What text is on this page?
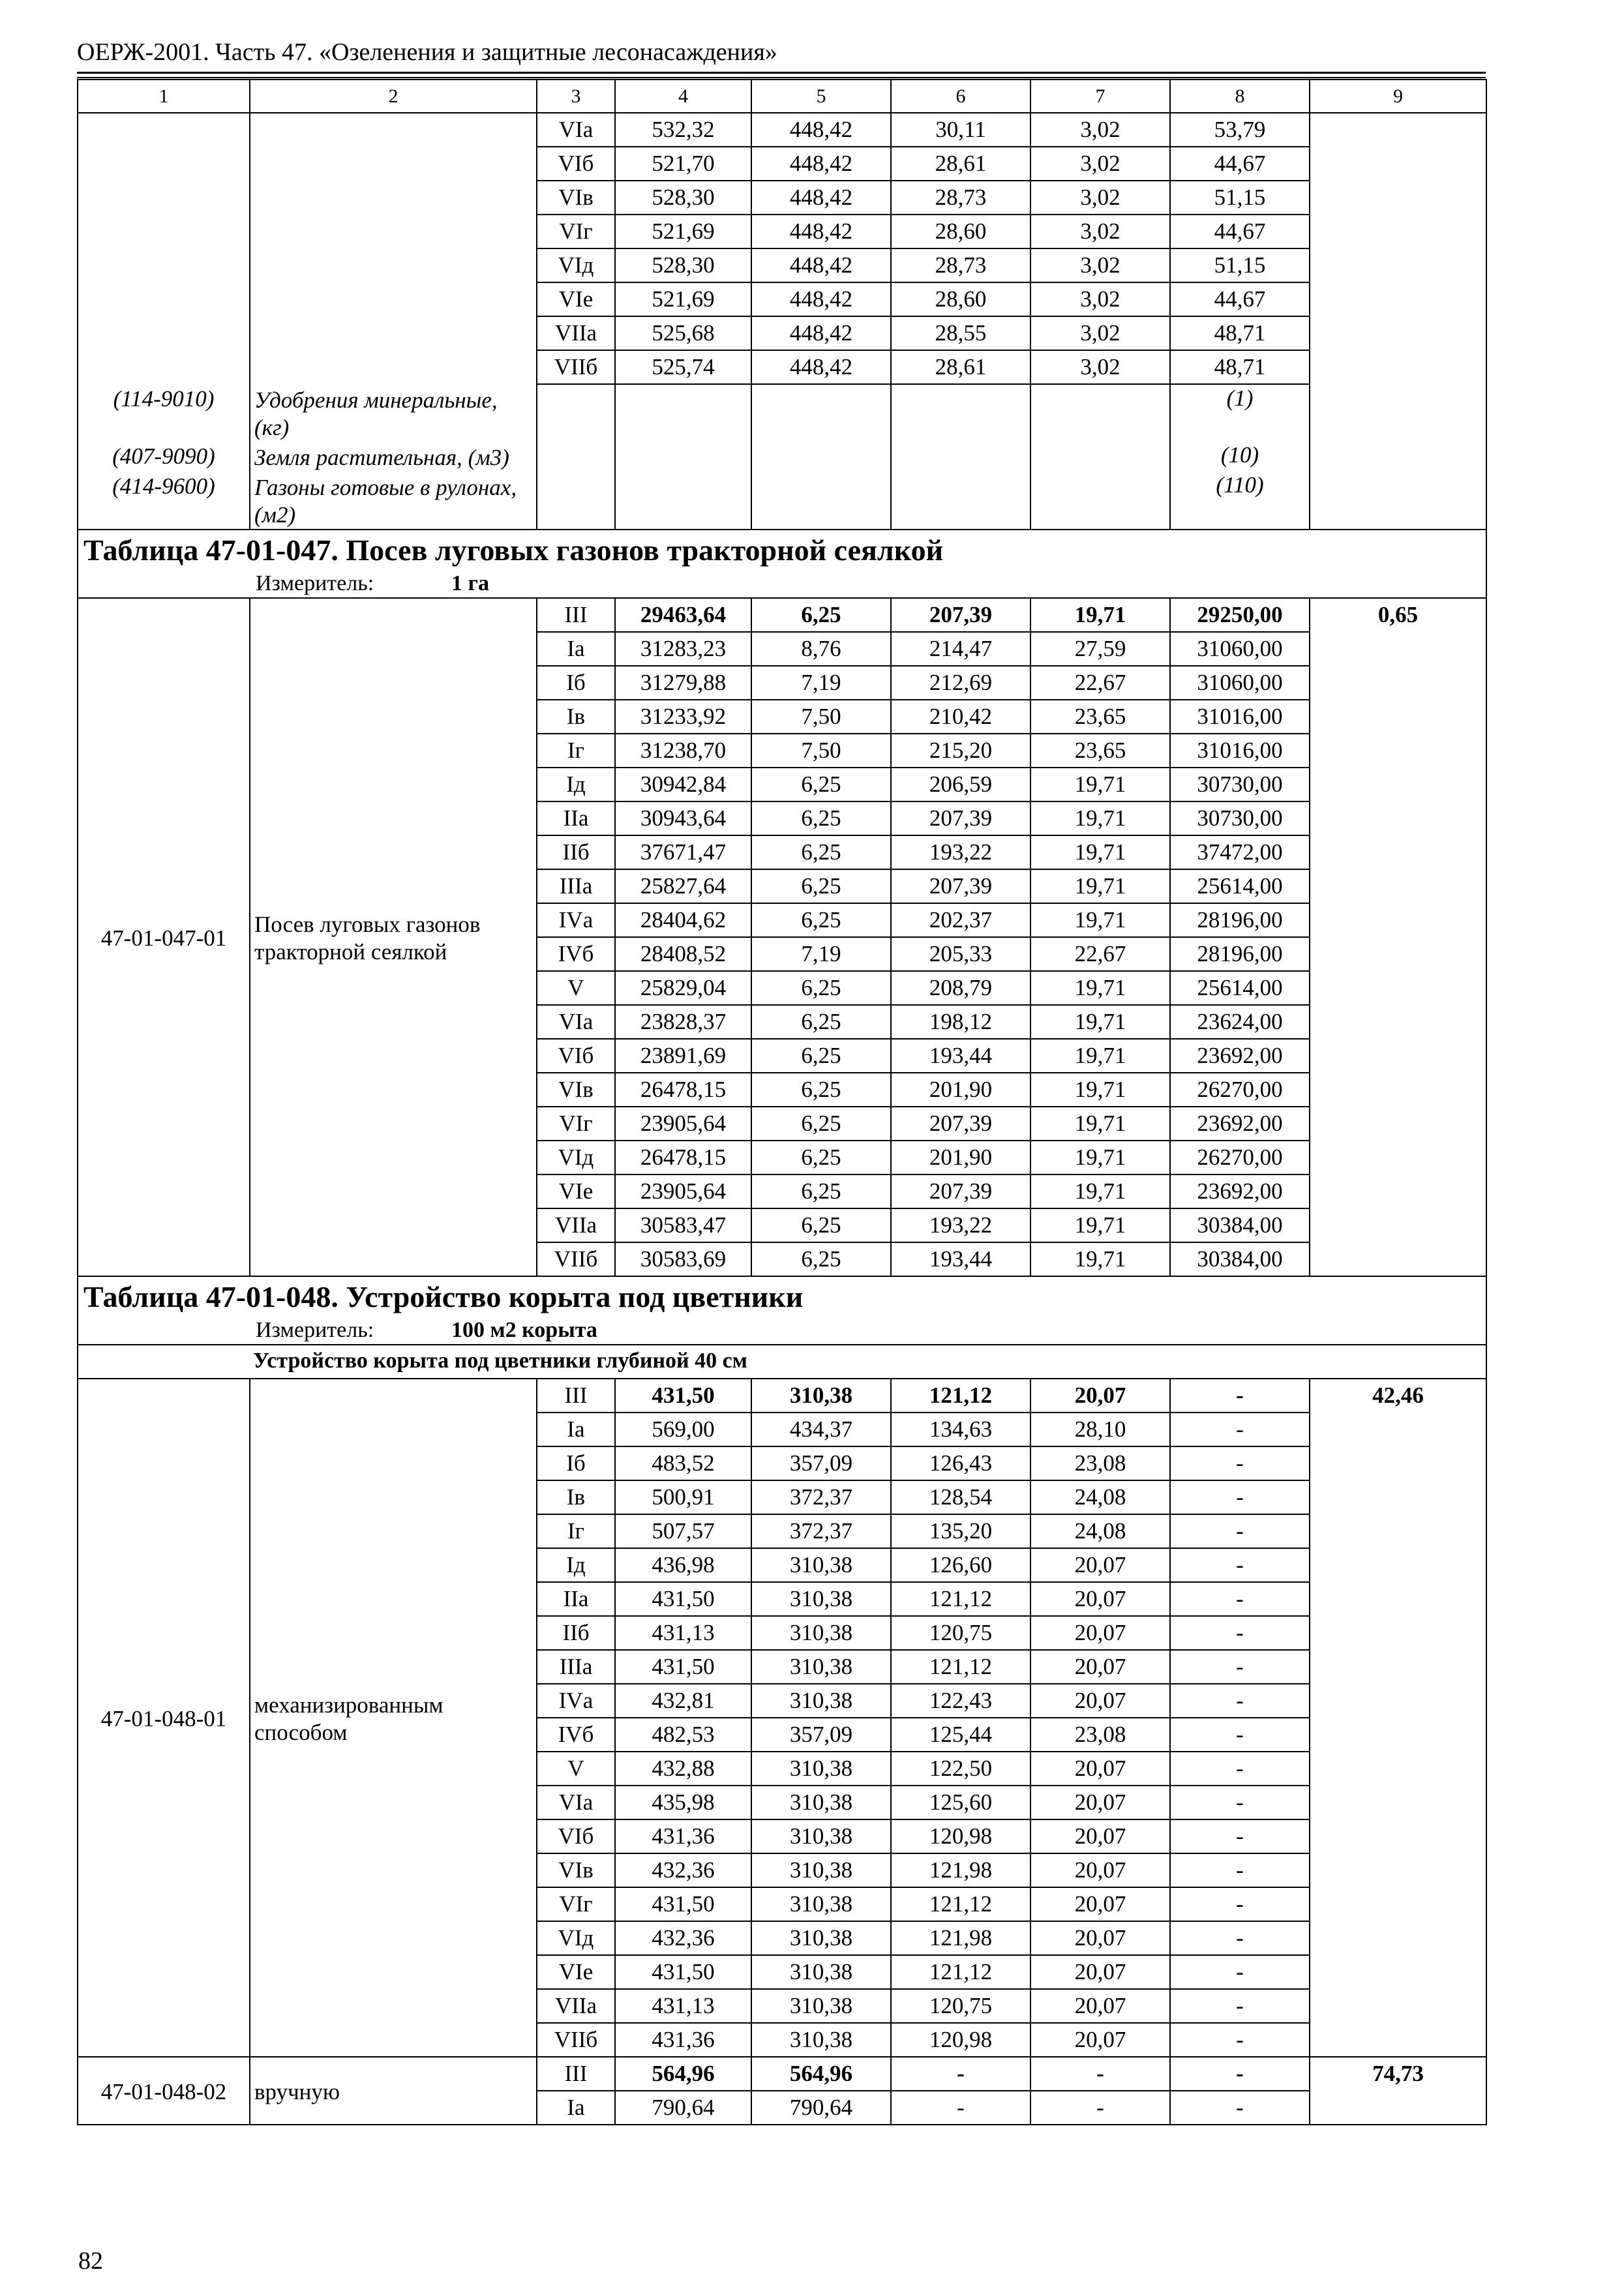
ОЕРЖ-2001. Часть 47. «Озеленения и защитные лесонасаждения»
1	2	3	4	5	6	7	8	9
		VIа	532,32	448,42	30,11	3,02	53,79	
		VIб	521,70	448,42	28,61	3,02	44,67	
		VIв	528,30	448,42	28,73	3,02	51,15	
		VIг	521,69	448,42	28,60	3,02	44,67	
		VIд	528,30	448,42	28,73	3,02	51,15	
		VIе	521,69	448,42	28,60	3,02	44,67	
		VIIа	525,68	448,42	28,55	3,02	48,71	
		VIIб	525,74	448,42	28,61	3,02	48,71	
(114-9010)	Удобрения минеральные, (кг)						(1)	
(407-9090)	Земля растительная, (м3)						(10)	
(414-9600)	Газоны готовые в рулонах, (м2)						(110)	
Таблица 47-01-047. Посев луговых газонов тракторной сеялкой								
Измеритель: 1 га								
47-01-047-01	Посев луговых газонов тракторной сеялкой	III	29463,64	6,25	207,39	19,71	29250,00	0,65
		Iа	31283,23	8,76	214,47	27,59	31060,00	
		Iб	31279,88	7,19	212,69	22,67	31060,00	
		Iв	31233,92	7,50	210,42	23,65	31016,00	
		Iг	31238,70	7,50	215,20	23,65	31016,00	
		Iд	30942,84	6,25	206,59	19,71	30730,00	
		IIа	30943,64	6,25	207,39	19,71	30730,00	
		IIб	37671,47	6,25	193,22	19,71	37472,00	
		IIIа	25827,64	6,25	207,39	19,71	25614,00	
		IVа	28404,62	6,25	202,37	19,71	28196,00	
		IVб	28408,52	7,19	205,33	22,67	28196,00	
		V	25829,04	6,25	208,79	19,71	25614,00	
		VIа	23828,37	6,25	198,12	19,71	23624,00	
		VIб	23891,69	6,25	193,44	19,71	23692,00	
		VIв	26478,15	6,25	201,90	19,71	26270,00	
		VIг	23905,64	6,25	207,39	19,71	23692,00	
		VIд	26478,15	6,25	201,90	19,71	26270,00	
		VIе	23905,64	6,25	207,39	19,71	23692,00	
		VIIа	30583,47	6,25	193,22	19,71	30384,00	
		VIIб	30583,69	6,25	193,44	19,71	30384,00	
Таблица 47-01-048. Устройство корыта под цветники								
Измеритель: 100 м2 корыта								
Устройство корыта под цветники глубиной 40 см								
47-01-048-01	механизированным способом	III	431,50	310,38	121,12	20,07	-	42,46
		Iа	569,00	434,37	134,63	28,10	-	
		Iб	483,52	357,09	126,43	23,08	-	
		Iв	500,91	372,37	128,54	24,08	-	
		Iг	507,57	372,37	135,20	24,08	-	
		Iд	436,98	310,38	126,60	20,07	-	
		IIа	431,50	310,38	121,12	20,07	-	
		IIб	431,13	310,38	120,75	20,07	-	
		IIIа	431,50	310,38	121,12	20,07	-	
		IVа	432,81	310,38	122,43	20,07	-	
		IVб	482,53	357,09	125,44	23,08	-	
		V	432,88	310,38	122,50	20,07	-	
		VIа	435,98	310,38	125,60	20,07	-	
		VIб	431,36	310,38	120,98	20,07	-	
		VIв	432,36	310,38	121,98	20,07	-	
		VIг	431,50	310,38	121,12	20,07	-	
		VIд	432,36	310,38	121,98	20,07	-	
		VIе	431,50	310,38	121,12	20,07	-	
		VIIа	431,13	310,38	120,75	20,07	-	
		VIIб	431,36	310,38	120,98	20,07	-	
47-01-048-02	вручную	III	564,96	564,96	-	-	-	74,73
		Iа	790,64	790,64	-	-	-	
82
